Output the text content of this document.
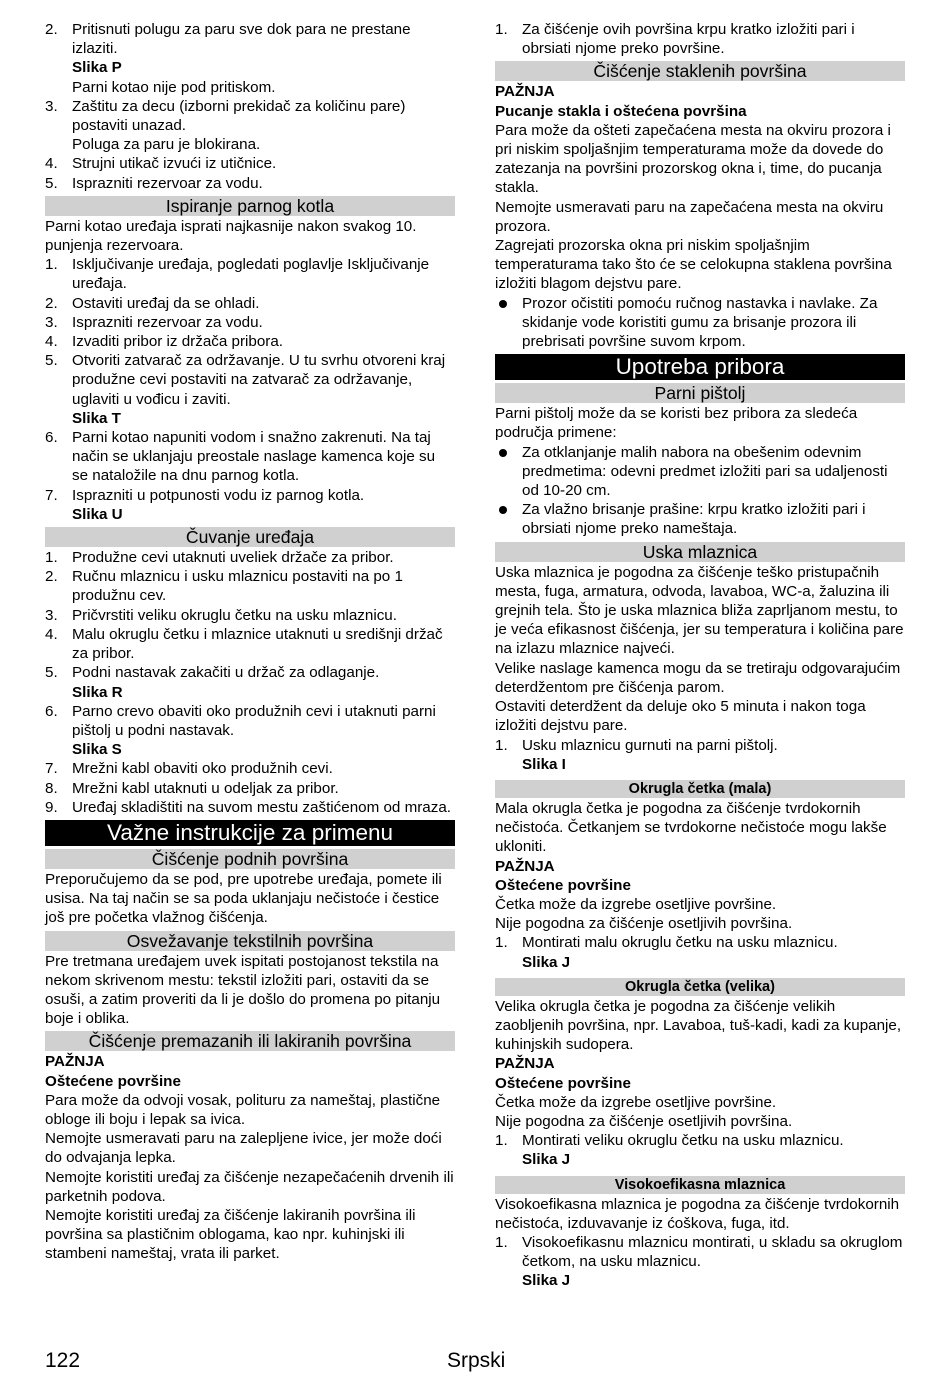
2. Pritisnuti polugu za paru sve dok para ne prestane izlaziti.

Slika P

Parni kotao nije pod pritiskom.

3. Zaštitu za decu (izborni prekidač za količinu pare) postaviti unazad.

Poluga za paru je blokirana.

4. Strujni utikač izvući iz utičnice.
5. Isprazniti rezervoar za vodu.
Ispiranje parnog kotla

Parni kotao uređaja isprati najkasnije nakon svakog 10. punjenja rezervoara.

1. Isključivanje uređaja, pogledati poglavlje Isključivanje uređaja.
2. Ostaviti uređaj da se ohladi.
3. Isprazniti rezervoar za vodu.
4. Izvaditi pribor iz držača pribora.
5. Otvoriti zatvarač za održavanje. U tu svrhu otvoreni kraj produžne cevi postaviti na zatvarač za održavanje, uglaviti u vođicu i zaviti.

Slika T

6. Parni kotao napuniti vodom i snažno zakrenuti. Na taj način se uklanjaju preostale naslage kamenca koje su se nataložile na dnu parnog kotla.
7. Isprazniti u potpunosti vodu iz parnog kotla.

Slika U

Čuvanje uređaja
1. Produžne cevi utaknuti uveliek držače za pribor.
2. Ručnu mlaznicu i usku mlaznicu postaviti na po 1 produžnu cev.
3. Pričvrstiti veliku okruglu četku na usku mlaznicu.
4. Malu okruglu četku i mlaznice utaknuti u središnji držač za pribor.
5. Podni nastavak zakačiti u držač za odlaganje.

Slika R

6. Parno crevo obaviti oko produžnih cevi i utaknuti parni pištolj u podni nastavak.

Slika S

7. Mrežni kabl obaviti oko produžnih cevi.
8. Mrežni kabl utaknuti u odeljak za pribor.
9. Uređaj skladištiti na suvom mestu zaštićenom od mraza.
Važne instrukcije za primenu
Čišćenje podnih površina

Preporučujemo da se pod, pre upotrebe uređaja, pomete ili usisa. Na taj način se sa poda uklanjaju nečistoće i čestice još pre početka vlažnog čišćenja.

Osvežavanje tekstilnih površina

Pre tretmana uređajem uvek ispitati postojanost tekstila na nekom skrivenom mestu: tekstil izložiti pari, ostaviti da se osuši, a zatim proveriti da li je došlo do promena po pitanju boje i oblika.

Čišćenje premazanih ili lakiranih površina

PAŽNJA

Oštećene površine

Para može da odvoji vosak, polituru za nameštaj, plastične obloge ili boju i lepak sa ivica.

Nemojte usmeravati paru na zalepljene ivice, jer može doći do odvajanja lepka.

Nemojte koristiti uređaj za čišćenje nezapečaćenih drvenih ili parketnih podova.

Nemojte koristiti uređaj za čišćenje lakiranih površina ili površina sa plastičnim oblogama, kao npr. kuhinjski ili stambeni nameštaj, vrata ili parket.

1. Za čišćenje ovih površina krpu kratko izložiti pari i obrsiati njome preko površine.
Čišćenje staklenih površina

PAŽNJA

Pucanje stakla i oštećena površina

Para može da ošteti zapečaćena mesta na okviru prozora i pri niskim spoljašnjim temperaturama može da dovede do zatezanja na površini prozorskog okna i, time, do pucanja stakla.

Nemojte usmeravati paru na zapečaćena mesta na okviru prozora.

Zagrejati prozorska okna pri niskim spoljašnjim temperaturama tako što će se celokupna staklena površina izložiti blagom dejstvu pare.

Prozor očistiti pomoću ručnog nastavka i navlake. Za skidanje vode koristiti gumu za brisanje prozora ili prebrisati površine suvom krpom.
Upotreba pribora
Parni pištolj

Parni pištolj može da se koristi bez pribora za sledeća područja primene:

Za otklanjanje malih nabora na obešenim odevnim predmetima: odevni predmet izložiti pari sa udaljenosti od 10-20 cm.
Za vlažno brisanje prašine: krpu kratko izložiti pari i obrsiati njome preko nameštaja.
Uska mlaznica

Uska mlaznica je pogodna za čišćenje teško pristupačnih mesta, fuga, armatura, odvoda, lavaboa, WC-a, žaluzina ili grejnih tela. Što je uska mlaznica bliža zaprljanom mestu, to je veća efikasnost čišćenja, jer su temperatura i količina pare na izlazu mlaznice najveći.

Velike naslage kamenca mogu da se tretiraju odgovarajućim deterdžentom pre čišćenja parom.

Ostaviti deterdžent da deluje oko 5 minuta i nakon toga izložiti dejstvu pare.

1. Usku mlaznicu gurnuti na parni pištolj.

Slika I

Okrugla četka (mala)

Mala okrugla četka je pogodna za čišćenje tvrdokornih nečistoća. Četkanjem se tvrdokorne nečistoće mogu lakše ukloniti.

PAŽNJA

Oštećene površine

Četka može da izgrebe osetljive površine.

Nije pogodna za čišćenje osetljivih površina.

1. Montirati malu okruglu četku na usku mlaznicu.

Slika J

Okrugla četka (velika)

Velika okrugla četka je pogodna za čišćenje velikih zaobljenih površina, npr. Lavaboa, tuš-kadi, kadi za kupanje, kuhinjskih sudopera.

PAŽNJA

Oštećene površine

Četka može da izgrebe osetljive površine.

Nije pogodna za čišćenje osetljivih površina.

1. Montirati veliku okruglu četku na usku mlaznicu.

Slika J

Visokoefikasna mlaznica

Visokoefikasna mlaznica je pogodna za čišćenje tvrdokornih nečistoća, izduvavanje iz ćoškova, fuga, itd.

1. Visokoefikasnu mlaznicu montirati, u skladu sa okruglom četkom, na usku mlaznicu.

Slika J

122	Srpski
